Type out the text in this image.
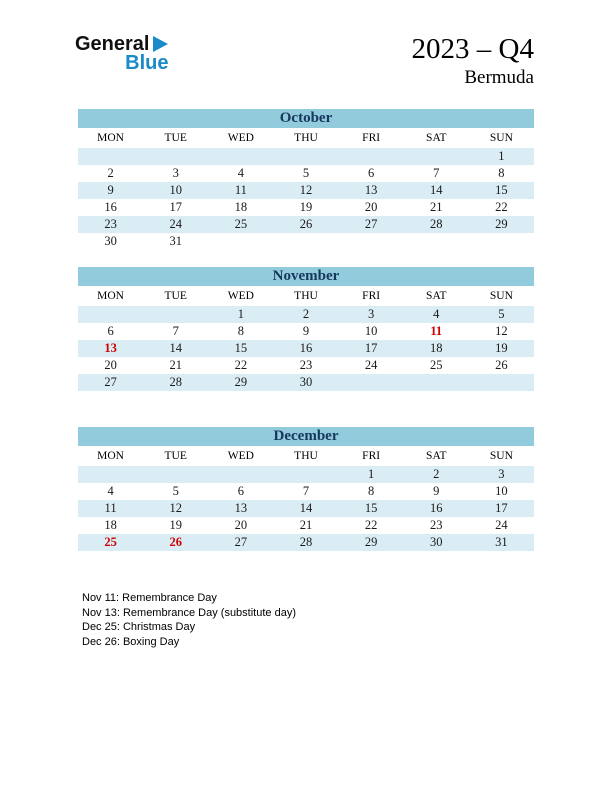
General
Blue	2023 – Q4
Bermuda
October						
MON	TUE	WED	THU	FRI	SAT	SUN
						1
2	3	4	5	6	7	8
9	10	11	12	13	14	15
16	17	18	19	20	21	22
23	24	25	26	27	28	29
30	31					
November						
MON	TUE	WED	THU	FRI	SAT	SUN
		1	2	3	4	5
6	7	8	9	10	11	12
13	14	15	16	17	18	19
20	21	22	23	24	25	26
27	28	29	30			
December						
MON	TUE	WED	THU	FRI	SAT	SUN
				1	2	3
4	5	6	7	8	9	10
11	12	13	14	15	16	17
18	19	20	21	22	23	24
25	26	27	28	29	30	31
Nov 11: Remembrance Day
Nov 13: Remembrance Day (substitute day)
Dec 25: Christmas Day
Dec 26: Boxing Day
